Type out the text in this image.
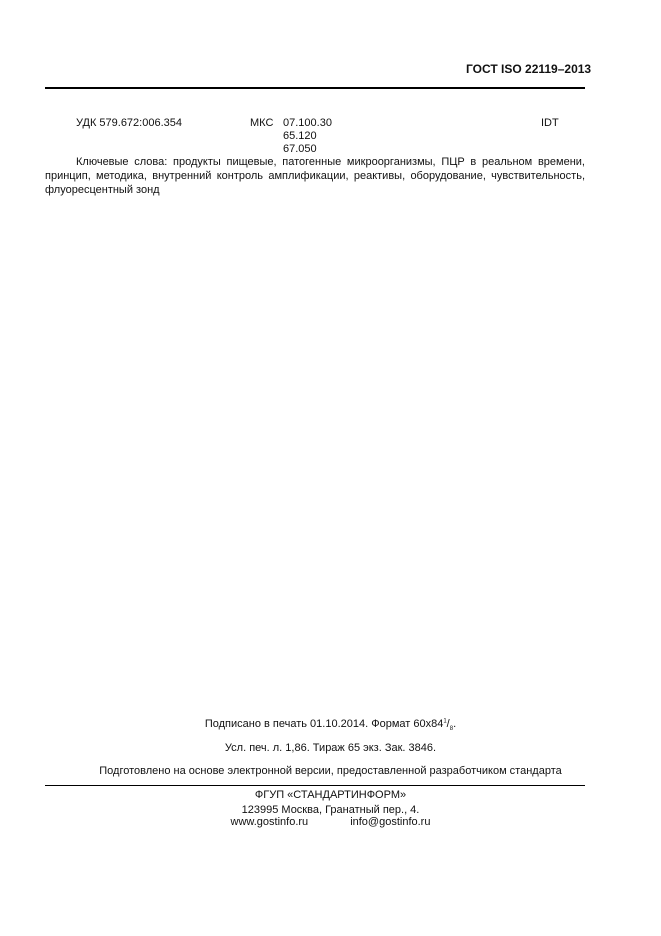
ГОСТ ISO 22119–2013
УДК 579.672:006.354	МКС 07.100.30
65.120
67.050
IDT
Ключевые слова: продукты пищевые, патогенные микроорганизмы, ПЦР в реальном времени, принцип, методика, внутренний контроль амплификации, реактивы, оборудование, чувствительность, флуоресцентный зонд
Подписано в печать 01.10.2014. Формат $60x84^1/_8$.
Усл. печ. л. 1,86. Тираж 65 экз. Зак. 3846.
Подготовлено на основе электронной версии, предоставленной разработчиком стандарта
ФГУП «СТАНДАРТИНФОРМ»
123995 Москва, Гранатный пер., 4.
www.gostinfo.ru	info@gostinfo.ru
